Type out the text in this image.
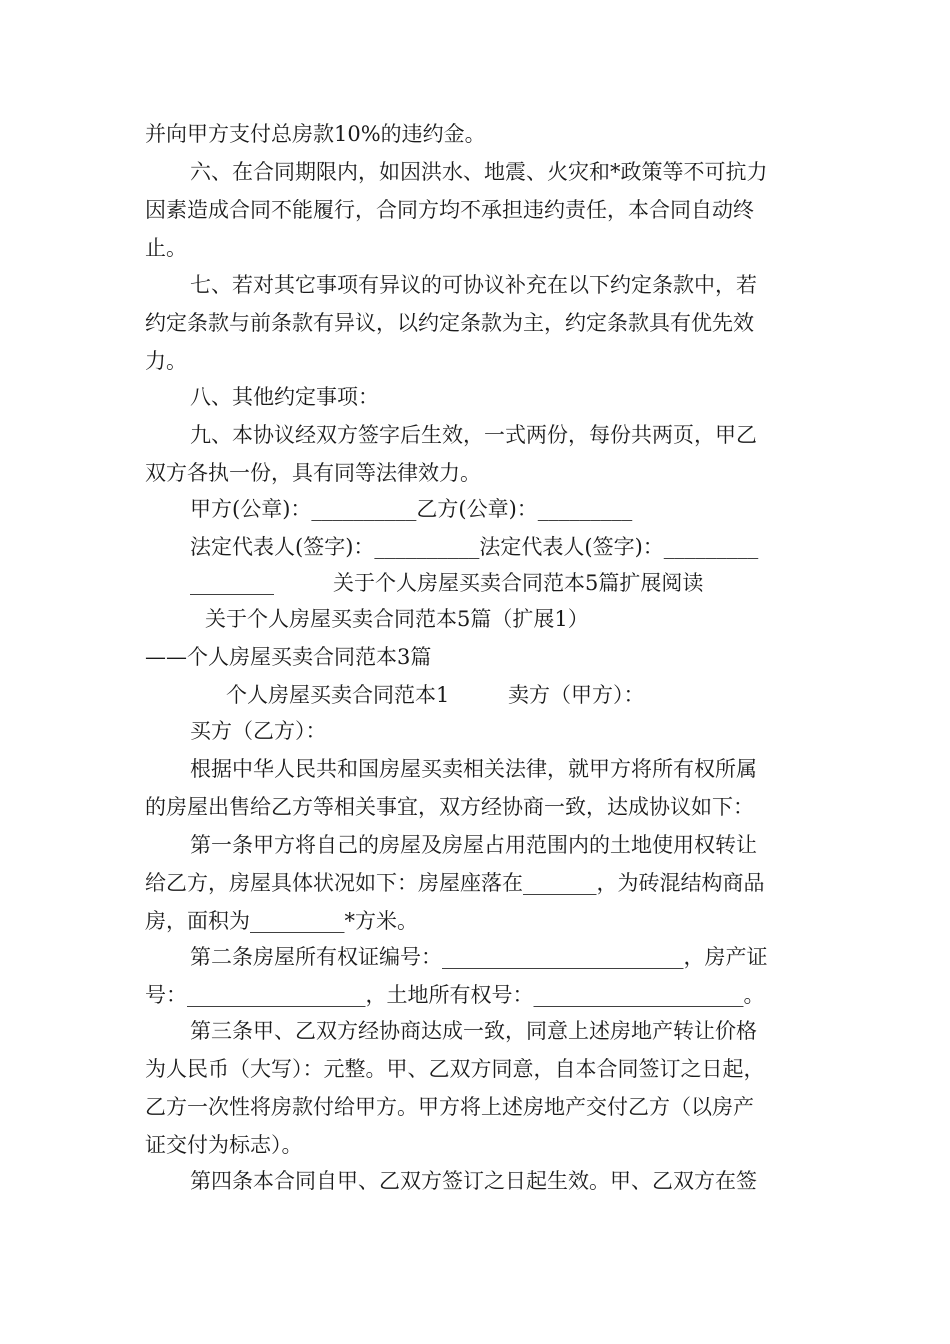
并向甲方支付总房款10%的违约金。
六、在合同期限内，如因洪水、地震、火灾和*政策等不可抗力
因素造成合同不能履行，合同方均不承担违约责任，本合同自动终
止。
七、若对其它事项有异议的可协议补充在以下约定条款中，若
约定条款与前条款有异议，以约定条款为主，约定条款具有优先效
力。
八、其他约定事项：
九、本协议经双方签字后生效，一式两份，每份共两页，甲乙
双方各执一份，具有同等法律效力。
甲方(公章)：__________乙方(公章)：_________
法定代表人(签字)：__________法定代表人(签字)：_________
________	关于个人房屋买卖合同范本5篇扩展阅读
关于个人房屋买卖合同范本5篇（扩展1）
——个人房屋买卖合同范本3篇
个人房屋买卖合同范本1	卖方（甲方）：
买方（乙方）：
根据中华人民共和国房屋买卖相关法律，就甲方将所有权所属
的房屋出售给乙方等相关事宜，双方经协商一致，达成协议如下：
第一条甲方将自己的房屋及房屋占用范围内的土地使用权转让
给乙方，房屋具体状况如下：房屋座落在_______，为砖混结构商品
房，面积为_________*方米。
第二条房屋所有权证编号：_______________________，房产证
号：_________________，土地所有权号：____________________。
第三条甲、乙双方经协商达成一致，同意上述房地产转让价格
为人民币（大写）：元整。甲、乙双方同意，自本合同签订之日起，
乙方一次性将房款付给甲方。甲方将上述房地产交付乙方（以房产
证交付为标志）。
第四条本合同自甲、乙双方签订之日起生效。甲、乙双方在签
